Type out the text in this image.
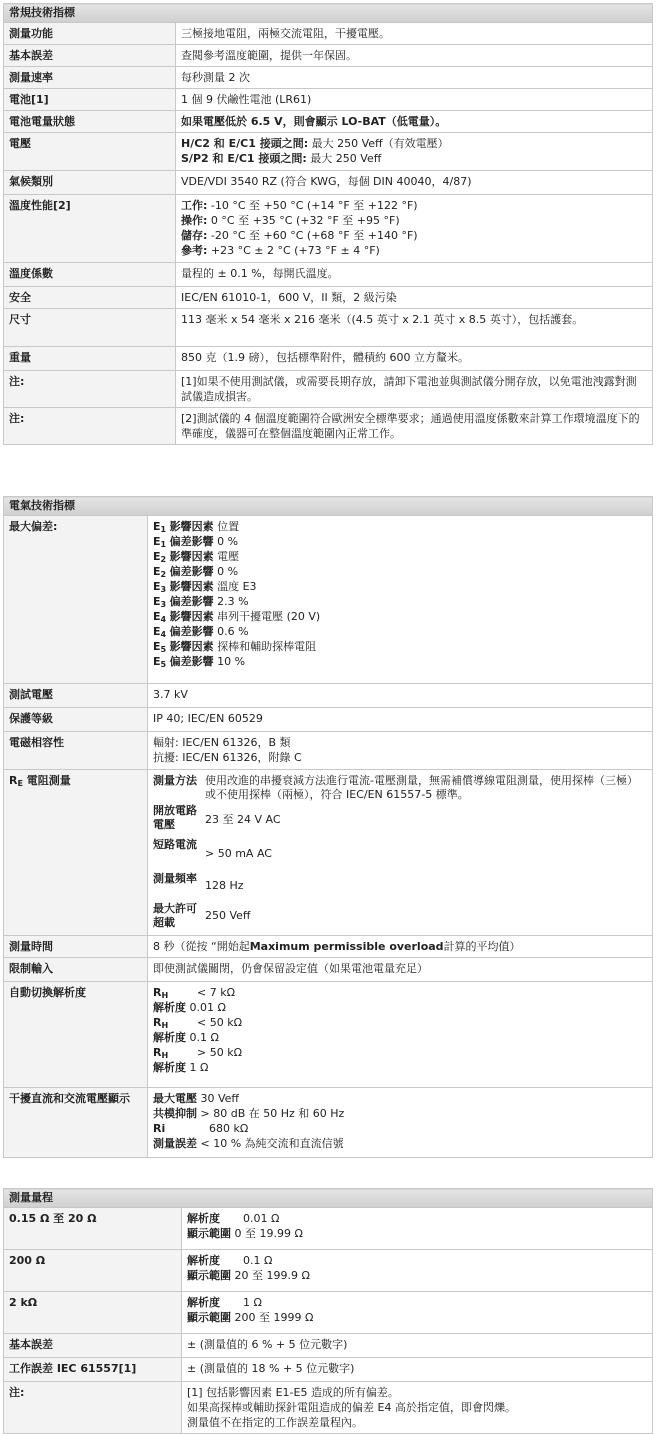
常規技術指標	
測量功能	三極接地電阻，兩極交流電阻，干擾電壓。
基本誤差	查閱參考溫度範圍，提供一年保固。
測量速率	每秒測量 2 次
電池[1]	1 個 9 伏鹼性電池 (LR61)
電池電量狀態	如果電壓低於 6.5 V，則會顯示 LO-BAT（低電量）。
電壓	H/C2 和 E/C1 接頭之間: 最大 250 Veff（有效電壓）
S/P2 和 E/C1 接頭之間: 最大 250 Veff

氣候類別	VDE/VDI 3540 RZ (符合 KWG，每個 DIN 40040，4/87)
溫度性能[2]	工作: -10 °C 至 +50 °C (+14 °F 至 +122 °F)
操作: 0 °C 至 +35 °C (+32 °F 至 +95 °F)
儲存: -20 °C 至 +60 °C (+68 °F 至 +140 °F)
參考: +23 °C ± 2 °C (+73 °F ± 4 °F)

溫度係數	量程的 ± 0.1 %，每開氏溫度。
安全	IEC/EN 61010-1，600 V，II 類，2 級污染
尺寸	113 毫米 x 54 毫米 x 216 毫米（(4.5 英寸 x 2.1 英寸 x 8.5 英寸），包括護套。
重量	850 克（1.9 磅），包括標準附件，體積約 600 立方釐米。
注:	[1]如果不使用測試儀，或需要長期存放，請卸下電池並與測試儀分開存放，以免電池洩露對測試儀造成損害。
注:	[2]測試儀的 4 個溫度範圍符合歐洲安全標準要求；通過使用溫度係數來計算工作環境溫度下的準確度，儀器可在整個溫度範圍內正常工作。
電氣技術指標
最大偏差:	$E_1$ 影響因素 位置
$E_1$ 偏差影響 0 %
$E_2$ 影響因素 電壓
$E_2$ 偏差影響 0 %
$E_3$ 影響因素 溫度 E3
$E_3$ 偏差影響 2.3 %
$E_4$ 影響因素 串列干擾電壓 (20 V)
$E_4$ 偏差影響 0.6 %
$E_5$ 影響因素 探棒和輔助探棒電阻
$E_5$ 偏差影響 10 %

測試電壓	3.7 kV
保護等級	IP 40; IEC/EN 60529
電磁相容性	輻射: IEC/EN 61326，B 類
抗擾: IEC/EN 61326，附錄 C

$R_E$ 電阻測量		測量方法	使用改進的串擾衰減方法進行電流-電壓測量，無需補償導線電阻測量，使用探棒（三極）或不使用探棒（兩極），符合 IEC/EN 61557-5 標準。
開放電路電壓	23 至 24 V AC
短路電流	> 50 mA AC
測量頻率	128 Hz
最大許可超載	250 Veff

測量時間	8 秒（從按 “開始起Maximum permissible overload計算的平均值）
限制輸入	即使測試儀關閉，仍會保留設定值（如果電池電量充足）
自動切換解析度	$R_H$	< 7 kΩ
解析度 0.01 Ω
$R_H$	< 50 kΩ
解析度 0.1 Ω
$R_H$	> 50 kΩ
解析度 1 Ω

干擾直流和交流電壓顯示	最大電壓 30 Veff
共模抑制 > 80 dB 在 50 Hz 和 60 Hz
Ri	680 kΩ
測量誤差 < 10 % 為純交流和直流信號
測量量程	
0.15 Ω 至 20 Ω	解析度 0.01 Ω
顯示範圍 0 至 19.99 Ω

200 Ω	解析度 0.1 Ω
顯示範圍 20 至 199.9 Ω

2 kΩ	解析度 1 Ω
顯示範圍 200 至 1999 Ω

基本誤差	± (測量值的 6 % + 5 位元數字)
工作誤差 IEC 61557[1]	± (測量值的 18 % + 5 位元數字)
注:	[1] 包括影響因素 E1-E5 造成的所有偏差。
如果高探棒或輔助探針電阻造成的偏差 E4 高於指定值，即會閃爍。
測量值不在指定的工作誤差量程內。
